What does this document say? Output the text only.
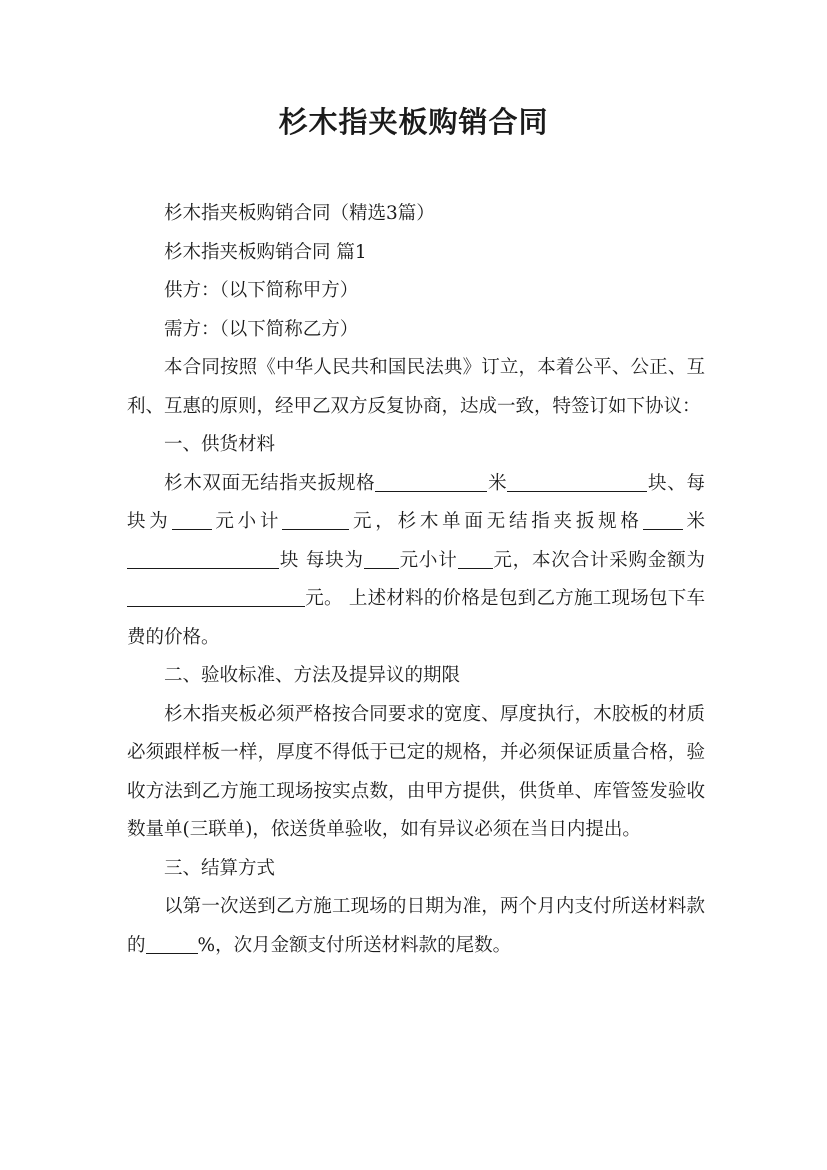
杉木指夹板购销合同

杉木指夹板购销合同（精选3篇）

杉木指夹板购销合同 篇1

供方：（以下简称甲方）

需方：（以下简称乙方）

本合同按照《中华人民共和国民法典》订立，本着公平、公正、互利、互惠的原则，经甲乙双方反复协商，达成一致，特签订如下协议：

一、供货材料

杉木双面无结指夹扳规格	米	块、每块为 元小计	元，杉木单面无结指夹扳规格 米块 每块为 元小计 元，本次合计采购金额为元。 上述材料的价格是包到乙方施工现场包下车费的价格。

二、验收标准、方法及提异议的期限

杉木指夹板必须严格按合同要求的宽度、厚度执行，木胶板的材质必须跟样板一样，厚度不得低于已定的规格，并必须保证质量合格，验收方法到乙方施工现场按实点数，由甲方提供，供货单、库管签发验收数量单(三联单)，依送货单验收，如有异议必须在当日内提出。

三、结算方式

以第一次送到乙方施工现场的日期为准，两个月内支付所送材料款的	%，次月金额支付所送材料款的尾数。
